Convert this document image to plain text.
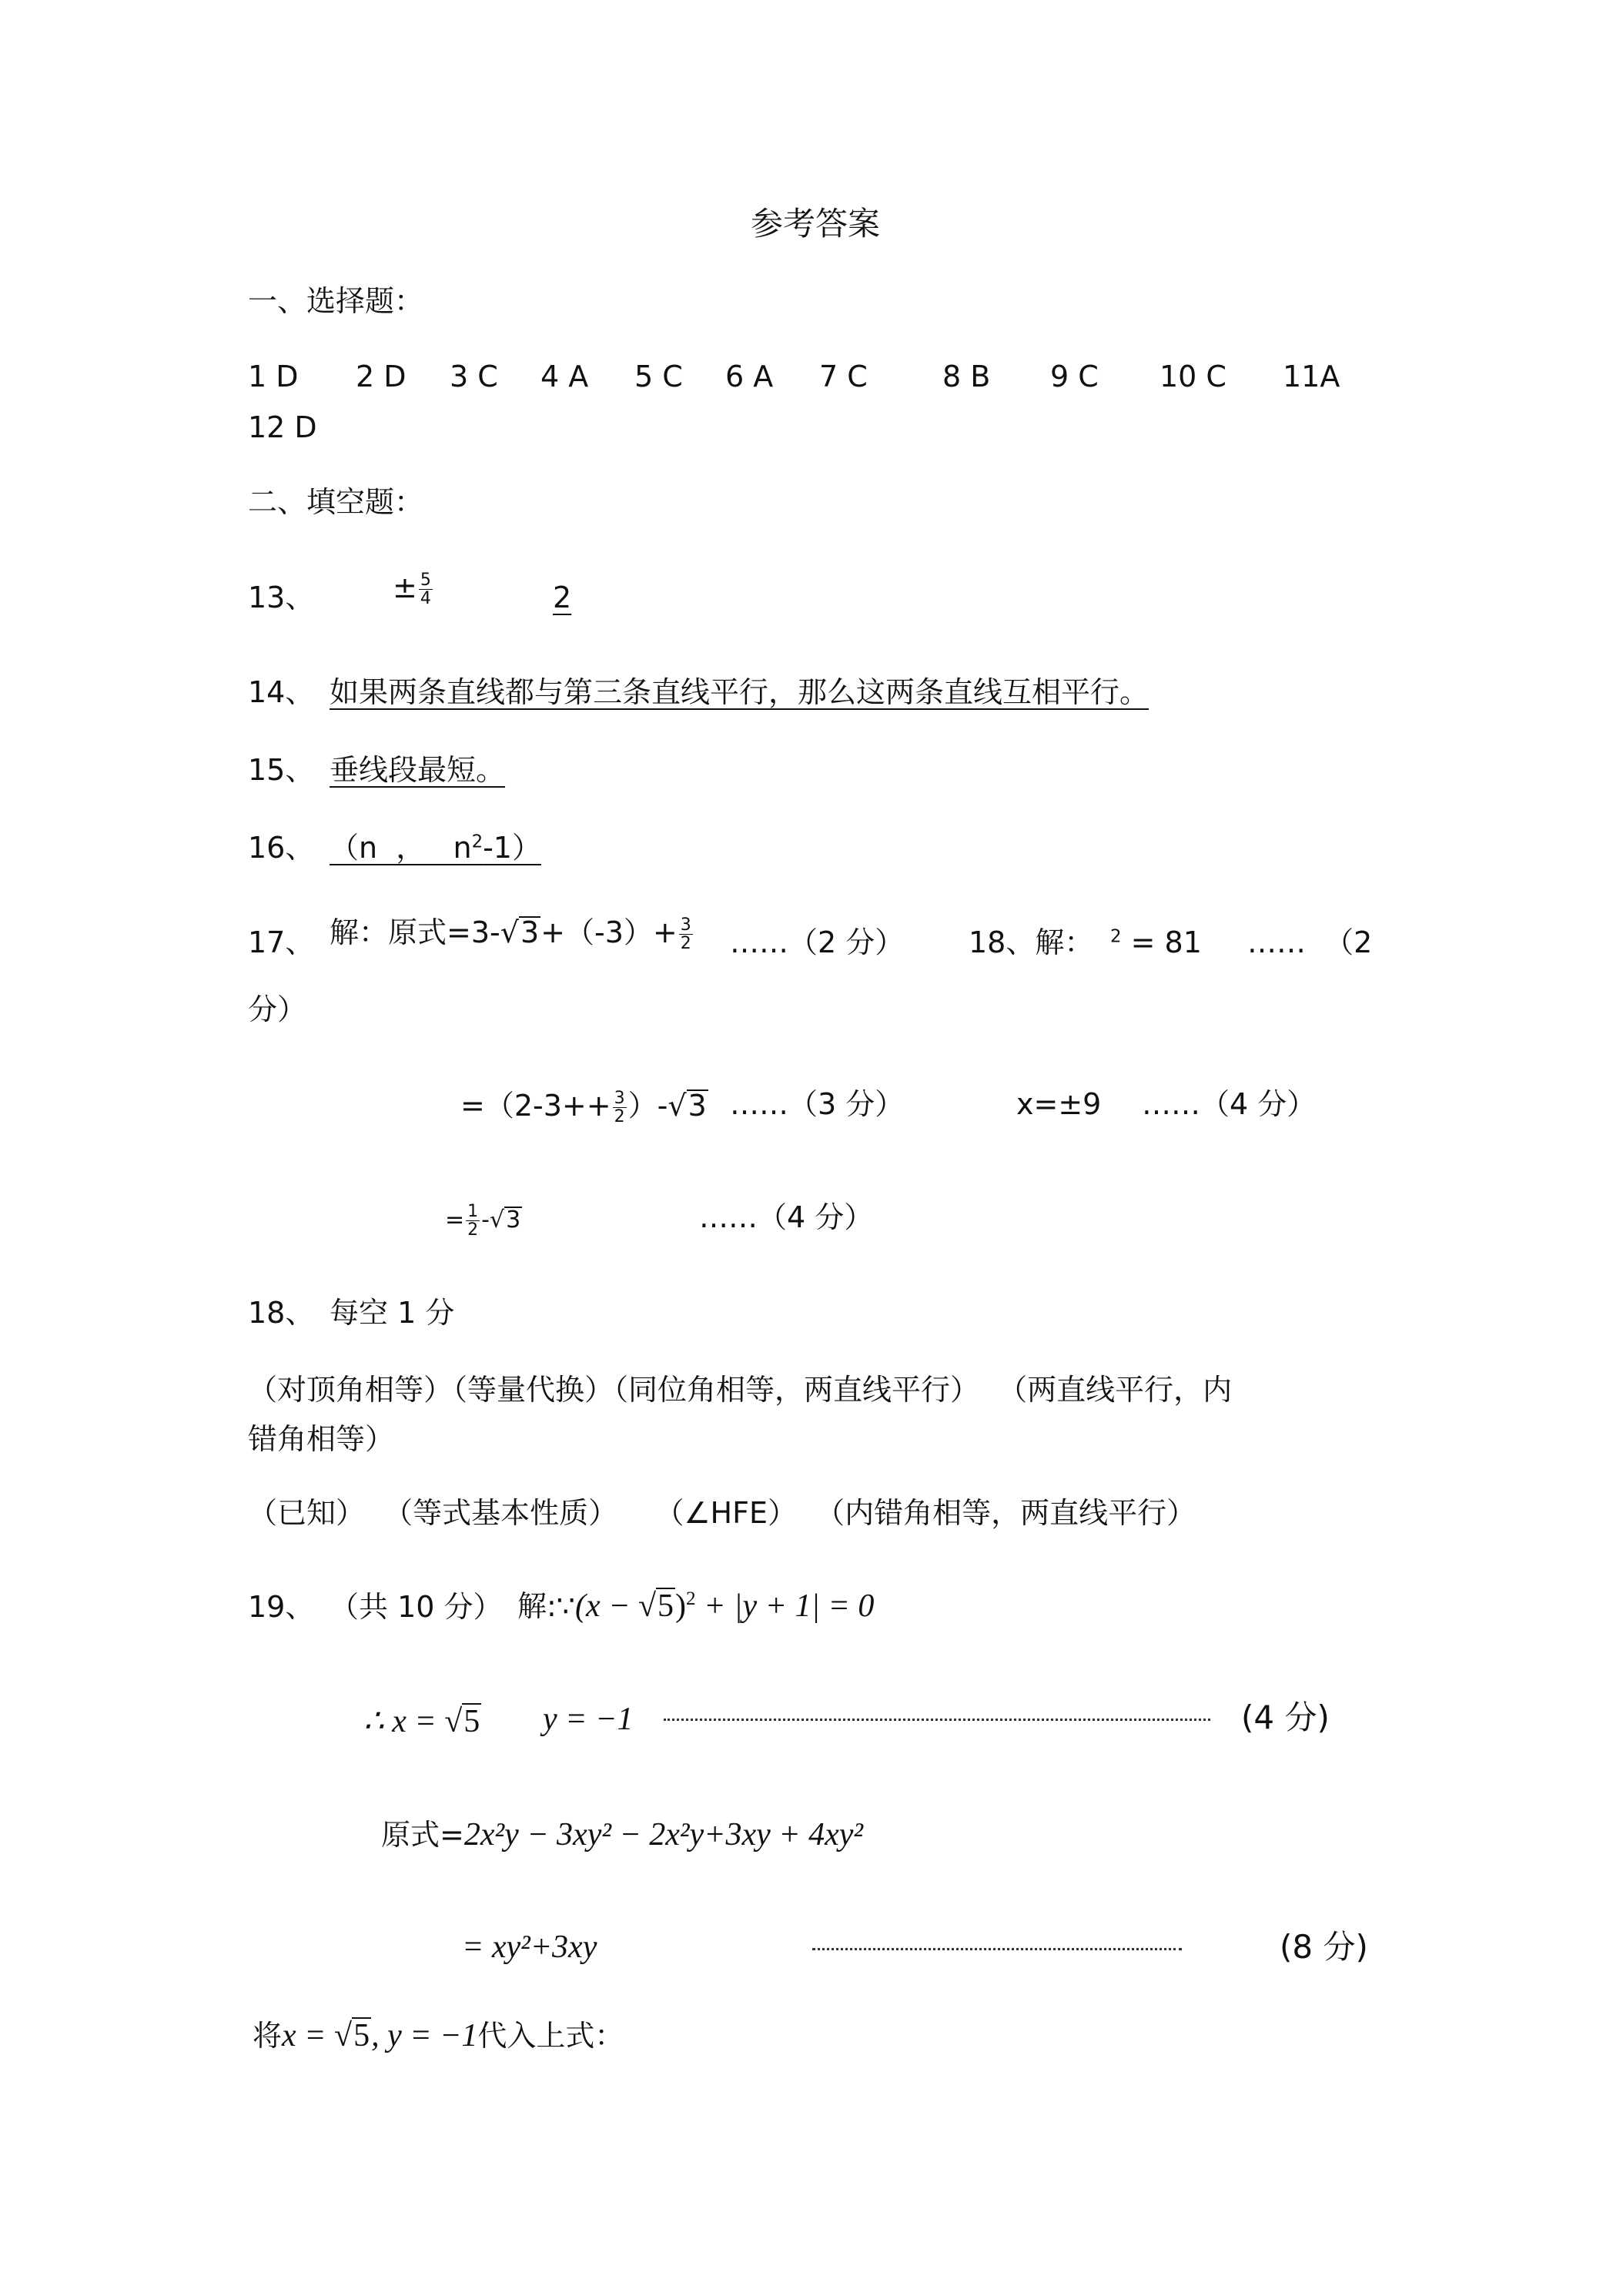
参考答案
一、选择题：
1 D 2 D 3 C 4 A 5 C 6 A 7 C	8 B 9 C 10 C 11A
12 D
二、填空题：
13、	± $\frac{5}{4}$	2
14、 如果两条直线都与第三条直线平行，那么这两条直线互相平行。
15、 垂线段最短。
16、 （n  ，   $n^2-1$）
17、 解：原式$=3-√3+(-3)+ \frac{3}{2}$ ……（2 分） 18、解： $^2$ = 81 ……  （2
分）
$=(2-3++ \frac{3}{2} )-√3$ ……（3 分）	x=±9 ……（4 分）
= $\frac{1}{2} -√3$	……（4 分）
18、 每空 1 分
（对顶角相等）（等量代换）（同位角相等，两直线平行）  （两直线平行，内
错角相等）
（已知）  （等式基本性质）    （∠HFE）  （内错角相等，两直线平行）
19、 （共 10 分） 解:∵(x − √5)$^2$ + |y + 1| = 0
∴ x = √5 y = −1	(4 分)
原式=2x²y − 3xy² − 2x²y+3xy + 4xy²
= xy²+3xy	(8 分)
将x = √5, y = −1代入上式：
